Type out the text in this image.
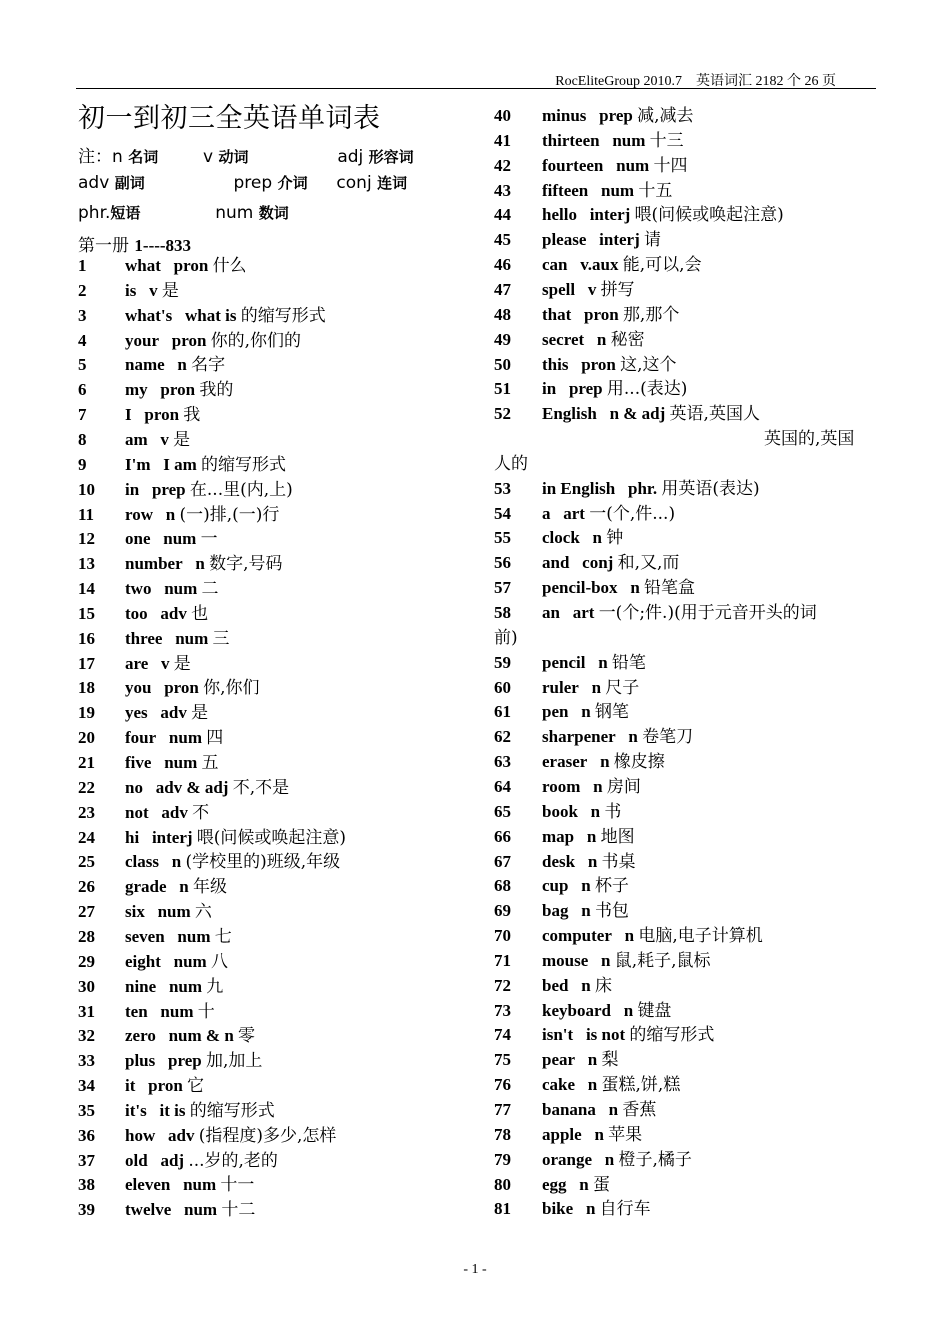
RocEliteGroup 2010.7　英语词汇 2182 个 26 页
初一到初三全英语单词表
注：n 名词	v 动词	adj 形容词
adv 副词	prep 介词 conj 连词
phr.短语	num 数词
第一册 1----833
1 what pron 什么
2 is v 是
3 what's what is 的缩写形式
4 your pron 你的,你们的
5 name n 名字
6 my pron 我的
7 I pron 我
8 am v 是
9 I'm I am 的缩写形式
10 in prep 在...里(内,上)
11 row n (一)排,(一)行
12 one num 一
13 number n 数字,号码
14 two num 二
15 too adv 也
16 three num 三
17 are v 是
18 you pron 你,你们
19 yes adv 是
20 four num 四
21 five num 五
22 no adv & adj 不,不是
23 not adv 不
24 hi interj 喂(问候或唤起注意)
25 class n (学校里的)班级,年级
26 grade n 年级
27 six num 六
28 seven num 七
29 eight num 八
30 nine num 九
31 ten num 十
32 zero num & n 零
33 plus prep 加,加上
34 it pron 它
35 it's it is 的缩写形式
36 how adv (指程度)多少,怎样
37 old adj ...岁的,老的
38 eleven num 十一
39 twelve num 十二
40 minus prep 减,减去
41 thirteen num 十三
42 fourteen num 十四
43 fifteen num 十五
44 hello interj 喂(问候或唤起注意)
45 please interj 请
46 can v.aux 能,可以,会
47 spell v 拼写
48 that pron 那,那个
49 secret n 秘密
50 this pron 这,这个
51 in prep 用...(表达)
52 English n & adj 英语,英国人
英国的,英国
人的
53 in English phr. 用英语(表达)
54 a art 一(个,件...)
55 clock n 钟
56 and conj 和,又,而
57 pencil-box n 铅笔盒
58 an art 一(个;件.)(用于元音开头的词
前)
59 pencil n 铅笔
60 ruler n 尺子
61 pen n 钢笔
62 sharpener n 卷笔刀
63 eraser n 橡皮擦
64 room n 房间
65 book n 书
66 map n 地图
67 desk n 书桌
68 cup n 杯子
69 bag n 书包
70 computer n 电脑,电子计算机
71 mouse n 鼠,耗子,鼠标
72 bed n 床
73 keyboard n 键盘
74 isn't is not 的缩写形式
75 pear n 梨
76 cake n 蛋糕,饼,糕
77 banana n 香蕉
78 apple n 苹果
79 orange n 橙子,橘子
80 egg n 蛋
81 bike n 自行车
- 1 -
